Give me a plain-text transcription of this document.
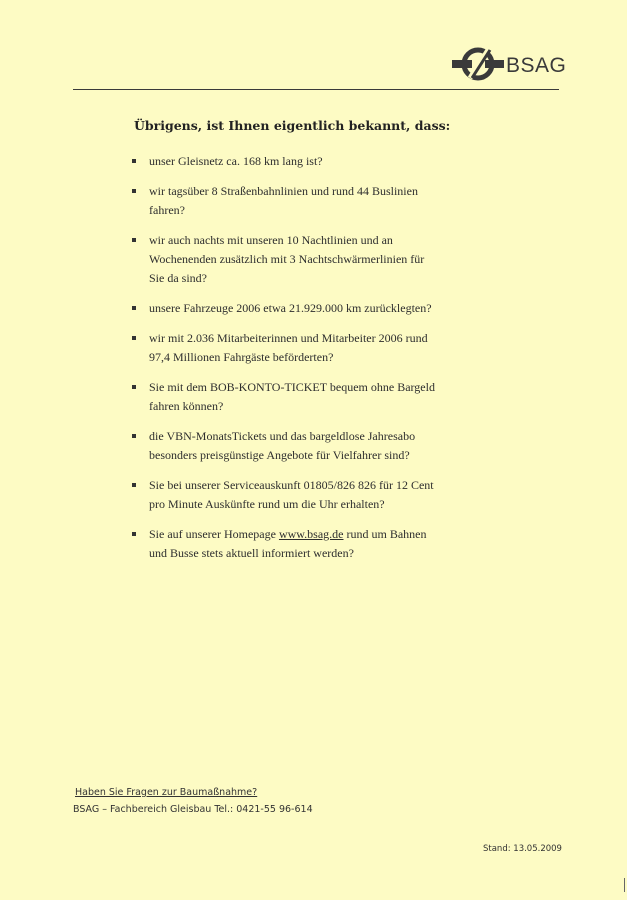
BSAG
Übrigens, ist Ihnen eigentlich bekannt, dass:
unser Gleisnetz ca. 168 km lang ist?
wir tagsüber 8 Straßenbahnlinien und rund 44 Buslinien fahren?
wir auch nachts mit unseren 10 Nachtlinien und an Wochenenden zusätzlich mit 3 Nachtschwärmerlinien für Sie da sind?
unsere Fahrzeuge 2006 etwa 21.929.000 km zurücklegten?
wir mit 2.036 Mitarbeiterinnen und Mitarbeiter 2006 rund 97,4 Millionen Fahrgäste beförderten?
Sie mit dem BOB-KONTO-TICKET bequem ohne Bargeld fahren können?
die VBN-MonatsTickets und das bargeldlose Jahresabo besonders preisgünstige Angebote für Vielfahrer sind?
Sie bei unserer Serviceauskunft 01805/826 826 für 12 Cent pro Minute Auskünfte rund um die Uhr erhalten?
Sie auf unserer Homepage www.bsag.de rund um Bahnen und Busse stets aktuell informiert werden?
Haben Sie Fragen zur Baumaßnahme?
BSAG – Fachbereich Gleisbau Tel.: 0421-55 96-614
Stand: 13.05.2009
